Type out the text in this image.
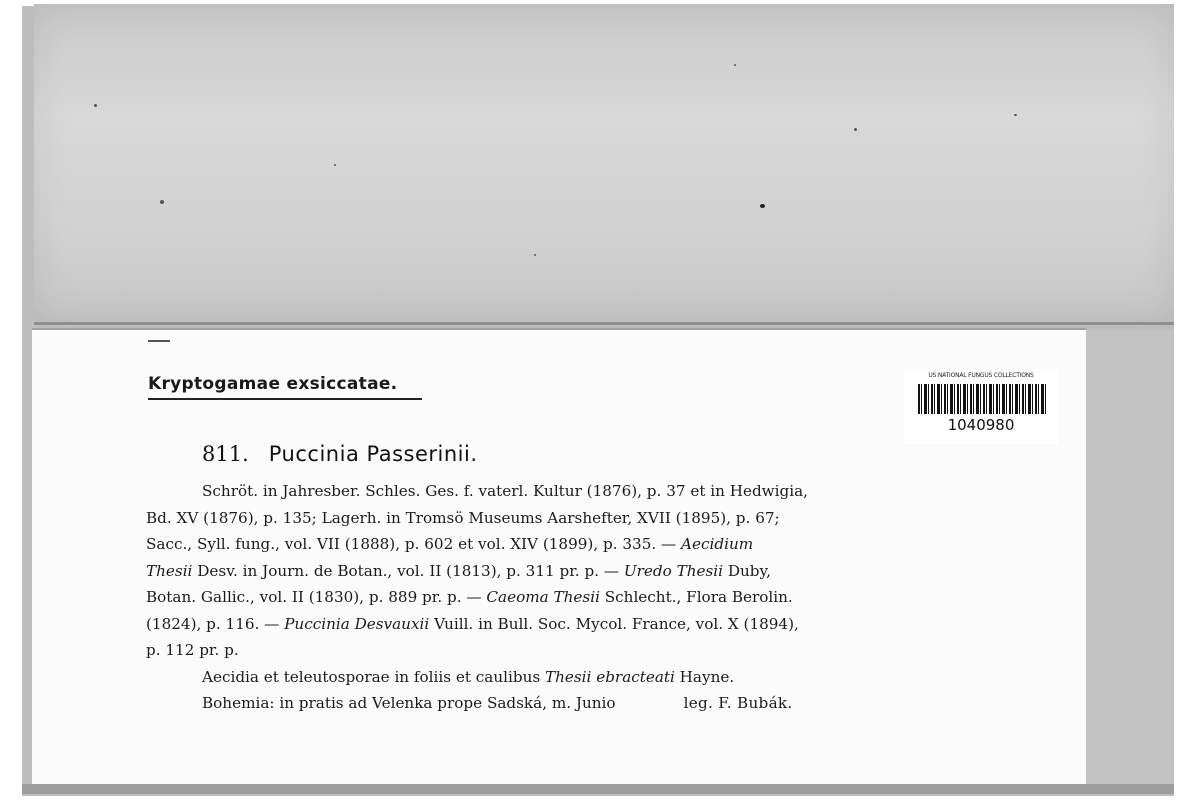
Kryptogamae exsiccatae.	US NATIONAL FUNGUS COLLECTIONS
1040980
811. Puccinia Passerinii.
Schröt. in Jahresber. Schles. Ges. f. vaterl. Kultur (1876), p. 37 et in Hedwigia,
Bd. XV (1876), p. 135; Lagerh. in Tromsö Museums Aarshefter, XVII (1895), p. 67;
Sacc., Syll. fung., vol. VII (1888), p. 602 et vol. XIV (1899), p. 335. — Aecidium
Thesii Desv. in Journ. de Botan., vol. II (1813), p. 311 pr. p. — Uredo Thesii Duby,
Botan. Gallic., vol. II (1830), p. 889 pr. p. — Caeoma Thesii Schlecht., Flora Berolin.
(1824), p. 116. — Puccinia Desvauxii Vuill. in Bull. Soc. Mycol. France, vol. X (1894),
p. 112 pr. p.
Aecidia et teleutosporae in foliis et caulibus Thesii ebracteati Hayne.
Bohemia: in pratis ad Velenka prope Sadská, m. Junio	leg. F. Bubák.
